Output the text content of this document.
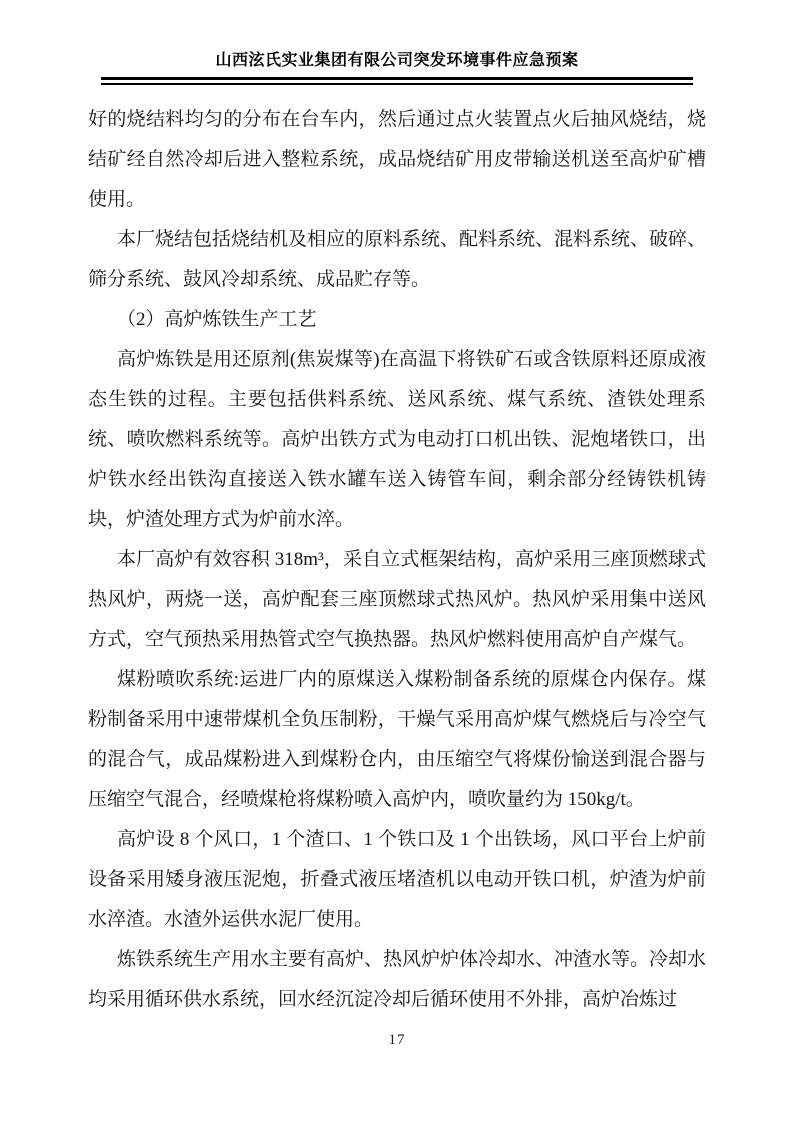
山西泫氏实业集团有限公司突发环境事件应急预案

好的烧结料均匀的分布在台车内，然后通过点火装置点火后抽风烧结，烧结矿经自然冷却后进入整粒系统，成品烧结矿用皮带输送机送至高炉矿槽使用。

本厂烧结包括烧结机及相应的原料系统、配料系统、混料系统、破碎、筛分系统、鼓风冷却系统、成品贮存等。

（2）高炉炼铁生产工艺

高炉炼铁是用还原剂(焦炭煤等)在高温下将铁矿石或含铁原料还原成液态生铁的过程。主要包括供料系统、送风系统、煤气系统、渣铁处理系统、喷吹燃料系统等。高炉出铁方式为电动打口机出铁、泥炮堵铁口，出炉铁水经出铁沟直接送入铁水罐车送入铸管车间，剩余部分经铸铁机铸块，炉渣处理方式为炉前水淬。

本厂高炉有效容积 318m³，采自立式框架结构，高炉采用三座顶燃球式热风炉，两烧一送，高炉配套三座顶燃球式热风炉。热风炉采用集中送风方式，空气预热采用热管式空气换热器。热风炉燃料使用高炉自产煤气。

煤粉喷吹系统:运进厂内的原煤送入煤粉制备系统的原煤仓内保存。煤粉制备采用中速带煤机全负压制粉，干燥气采用高炉煤气燃烧后与冷空气的混合气，成品煤粉进入到煤粉仓内，由压缩空气将煤份愉送到混合器与压缩空气混合，经喷煤枪将煤粉喷入高炉内，喷吹量约为 150kg/t。

高炉设 8 个风口，1 个渣口、1 个铁口及 1 个出铁场，风口平台上炉前设备采用矮身液压泥炮，折叠式液压堵渣机以电动开铁口机，炉渣为炉前水淬渣。水渣外运供水泥厂使用。

炼铁系统生产用水主要有高炉、热风炉炉体冷却水、冲渣水等。冷却水均采用循环供水系统，回水经沉淀冷却后循环使用不外排，高炉冶炼过

17
